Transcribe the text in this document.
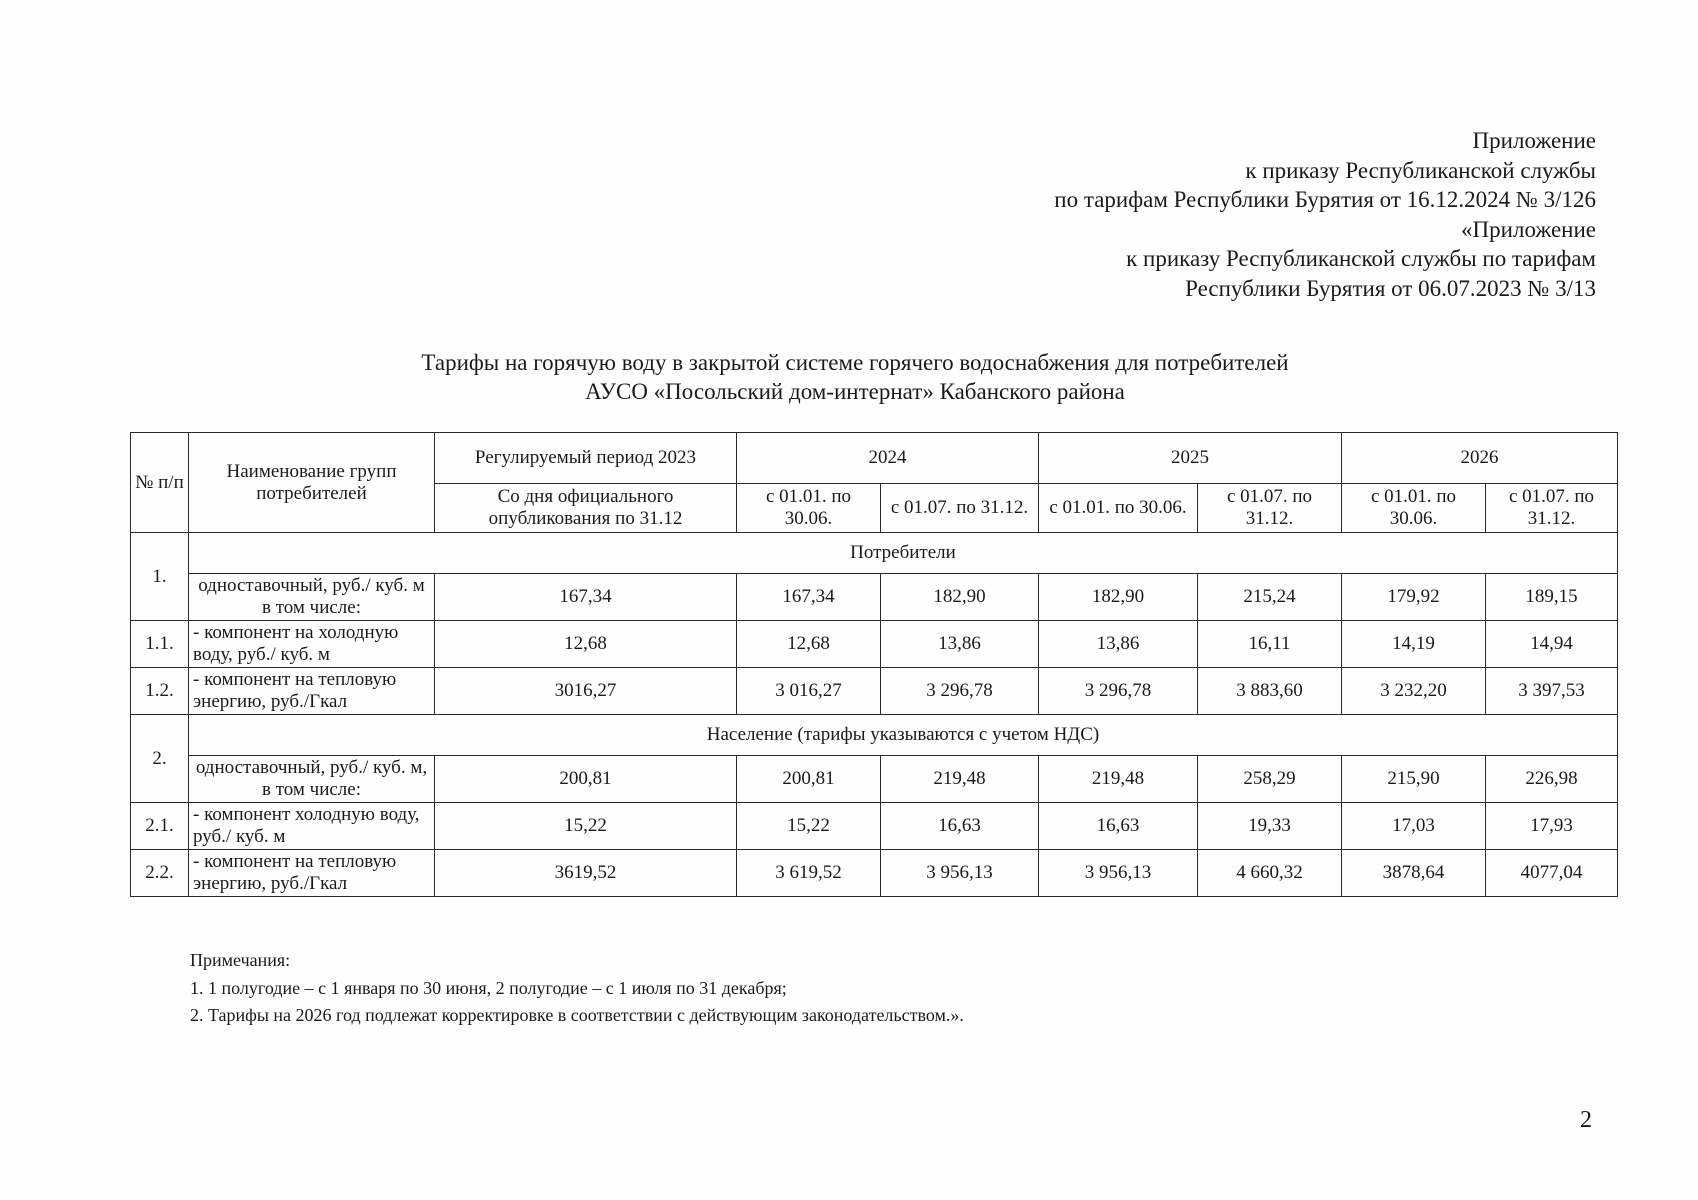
Приложение
к приказу Республиканской службы
по тарифам Республики Бурятия от 16.12.2024 № 3/126
«Приложение
к приказу Республиканской службы по тарифам
Республики Бурятия от 06.07.2023 № 3/13
Тарифы на горячую воду в закрытой системе горячего водоснабжения для потребителей
АУСО «Посольский дом-интернат» Кабанского района
№ п/п	Наименование групп потребителей	Регулируемый период 2023	2024		2025		2026	
		Со дня официального опубликования по 31.12	с 01.01. по 30.06.	с 01.07. по 31.12.	с 01.01. по 30.06.	с 01.07. по 31.12.	с 01.01. по 30.06.	с 01.07. по 31.12.
1.	Потребители							
	одноставочный, руб./ куб. м в том числе:	167,34	167,34	182,90	182,90	215,24	179,92	189,15
1.1.	- компонент на холодную воду, руб./ куб. м	12,68	12,68	13,86	13,86	16,11	14,19	14,94
1.2.	- компонент на тепловую энергию, руб./Гкал	3016,27	3 016,27	3 296,78	3 296,78	3 883,60	3 232,20	3 397,53
2.	Население (тарифы указываются с учетом НДС)							
	одноставочный, руб./ куб. м, в том числе:	200,81	200,81	219,48	219,48	258,29	215,90	226,98
2.1.	- компонент холодную воду, руб./ куб. м	15,22	15,22	16,63	16,63	19,33	17,03	17,93
2.2.	- компонент на тепловую энергию, руб./Гкал	3619,52	3 619,52	3 956,13	3 956,13	4 660,32	3878,64	4077,04
Примечания:
1. 1 полугодие – с 1 января по 30 июня, 2 полугодие – с 1 июля по 31 декабря;
2. Тарифы на 2026 год подлежат корректировке в соответствии с действующим законодательством.».
2
